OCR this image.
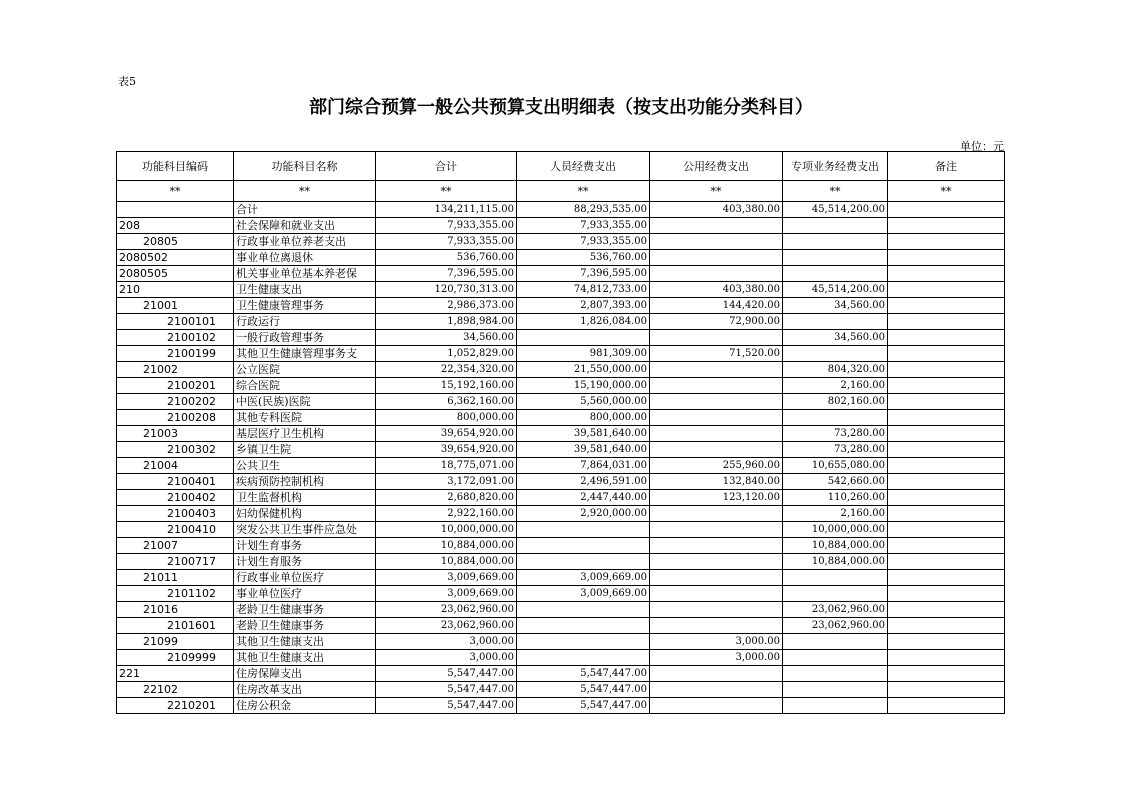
表5
部门综合预算一般公共预算支出明细表（按支出功能分类科目）
单位：元
功能科目编码	功能科目名称	合计	人员经费支出	公用经费支出	专项业务经费支出	备注
**	**	**	**	**	**	**
	合计	134,211,115.00	88,293,535.00	403,380.00	45,514,200.00	
208	社会保障和就业支出	7,933,355.00	7,933,355.00			
20805	行政事业单位养老支出	7,933,355.00	7,933,355.00			
2080502	事业单位离退休	536,760.00	536,760.00			
2080505	机关事业单位基本养老保	7,396,595.00	7,396,595.00			
210	卫生健康支出	120,730,313.00	74,812,733.00	403,380.00	45,514,200.00	
21001	卫生健康管理事务	2,986,373.00	2,807,393.00	144,420.00	34,560.00	
2100101	行政运行	1,898,984.00	1,826,084.00	72,900.00		
2100102	一般行政管理事务	34,560.00			34,560.00	
2100199	其他卫生健康管理事务支	1,052,829.00	981,309.00	71,520.00		
21002	公立医院	22,354,320.00	21,550,000.00		804,320.00	
2100201	综合医院	15,192,160.00	15,190,000.00		2,160.00	
2100202	中医(民族)医院	6,362,160.00	5,560,000.00		802,160.00	
2100208	其他专科医院	800,000.00	800,000.00			
21003	基层医疗卫生机构	39,654,920.00	39,581,640.00		73,280.00	
2100302	乡镇卫生院	39,654,920.00	39,581,640.00		73,280.00	
21004	公共卫生	18,775,071.00	7,864,031.00	255,960.00	10,655,080.00	
2100401	疾病预防控制机构	3,172,091.00	2,496,591.00	132,840.00	542,660.00	
2100402	卫生监督机构	2,680,820.00	2,447,440.00	123,120.00	110,260.00	
2100403	妇幼保健机构	2,922,160.00	2,920,000.00		2,160.00	
2100410	突发公共卫生事件应急处	10,000,000.00			10,000,000.00	
21007	计划生育事务	10,884,000.00			10,884,000.00	
2100717	计划生育服务	10,884,000.00			10,884,000.00	
21011	行政事业单位医疗	3,009,669.00	3,009,669.00			
2101102	事业单位医疗	3,009,669.00	3,009,669.00			
21016	老龄卫生健康事务	23,062,960.00			23,062,960.00	
2101601	老龄卫生健康事务	23,062,960.00			23,062,960.00	
21099	其他卫生健康支出	3,000.00		3,000.00		
2109999	其他卫生健康支出	3,000.00		3,000.00		
221	住房保障支出	5,547,447.00	5,547,447.00			
22102	住房改革支出	5,547,447.00	5,547,447.00			
2210201	住房公积金	5,547,447.00	5,547,447.00			
